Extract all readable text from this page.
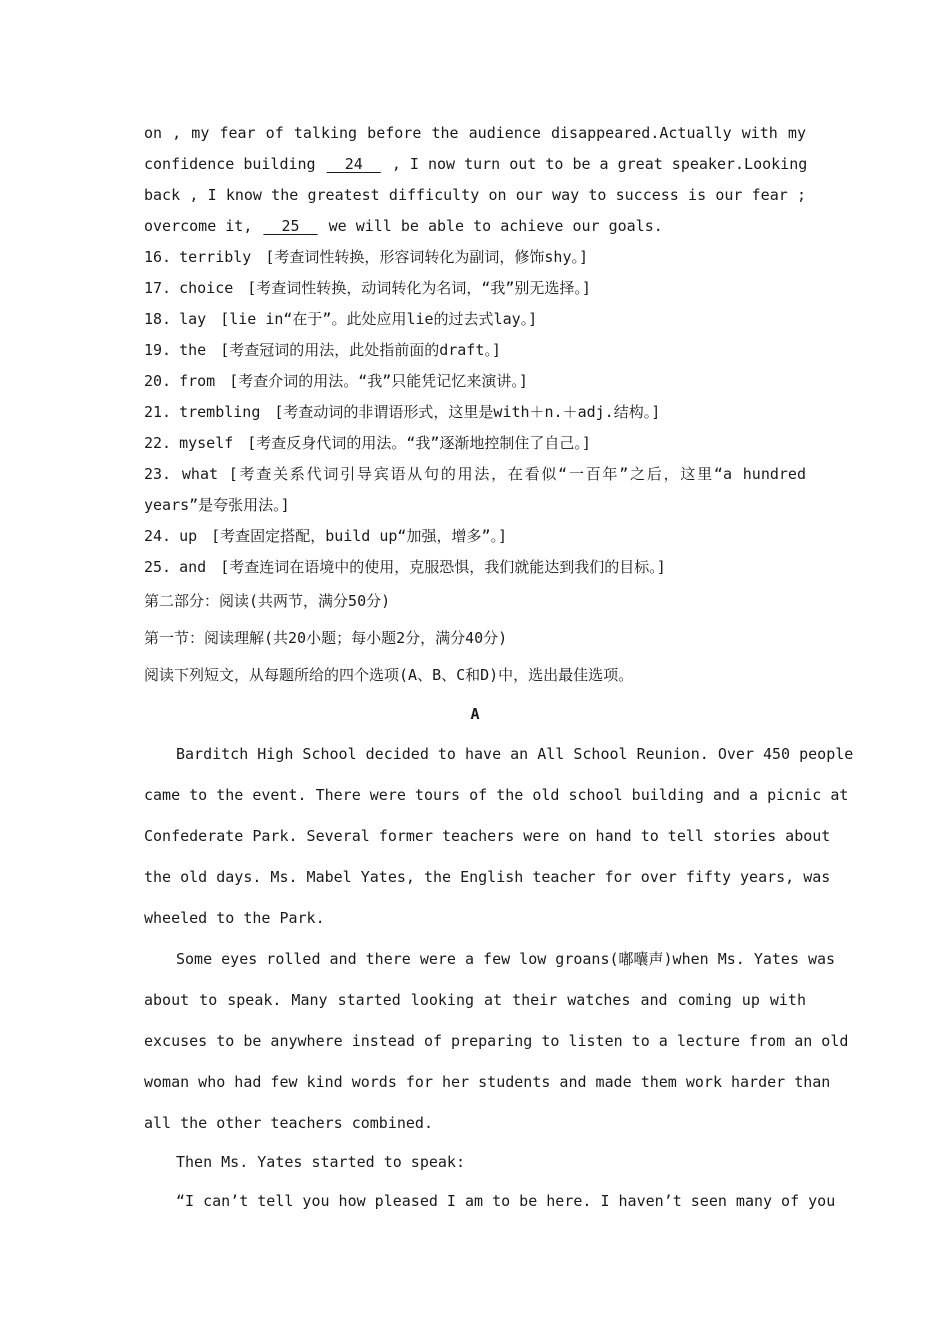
on , my fear of talking before the audience disappeared.Actually with my
confidence building   24   , I now turn out to be a great speaker.Looking
back , I know the greatest difficulty on our way to success is our fear ;
overcome it,   25   we will be able to achieve our goals.
16. terribly [考查词性转换，形容词转化为副词，修饰shy。]
17. choice [考查词性转换，动词转化为名词，“我”别无选择。]
18. lay [lie in“在于”。此处应用lie的过去式lay。]
19. the [考查冠词的用法，此处指前面的draft。]
20. from [考查介词的用法。“我”只能凭记忆来演讲。]
21. trembling [考查动词的非谓语形式，这里是with＋n.＋adj.结构。]
22. myself [考查反身代词的用法。“我”逐渐地控制住了自己。]
23. what [考查关系代词引导宾语从句的用法，在看似“一百年”之后，这里“a hundred
years”是夸张用法。]
24. up [考查固定搭配，build up“加强，增多”。]
25. and [考查连词在语境中的使用，克服恐惧，我们就能达到我们的目标。]
第二部分：阅读(共两节，满分50分)
第一节：阅读理解(共20小题；每小题2分，满分40分)
阅读下列短文，从每题所给的四个选项(A、B、C和D)中，选出最佳选项。
A
Barditch High School decided to have an All School Reunion. Over 450 people
came to the event. There were tours of the old school building and a picnic at
Confederate Park. Several former teachers were on hand to tell stories about
the old days. Ms. Mabel Yates, the English teacher for over fifty years, was
wheeled to the Park.
Some eyes rolled and there were a few low groans(嘟囔声)when Ms. Yates was
about to speak. Many started looking at their watches and coming up with
excuses to be anywhere instead of preparing to listen to a lecture from an old
woman who had few kind words for her students and made them work harder than
all the other teachers combined.
Then Ms. Yates started to speak:
“I can’t tell you how pleased I am to be here. I haven’t seen many of you
